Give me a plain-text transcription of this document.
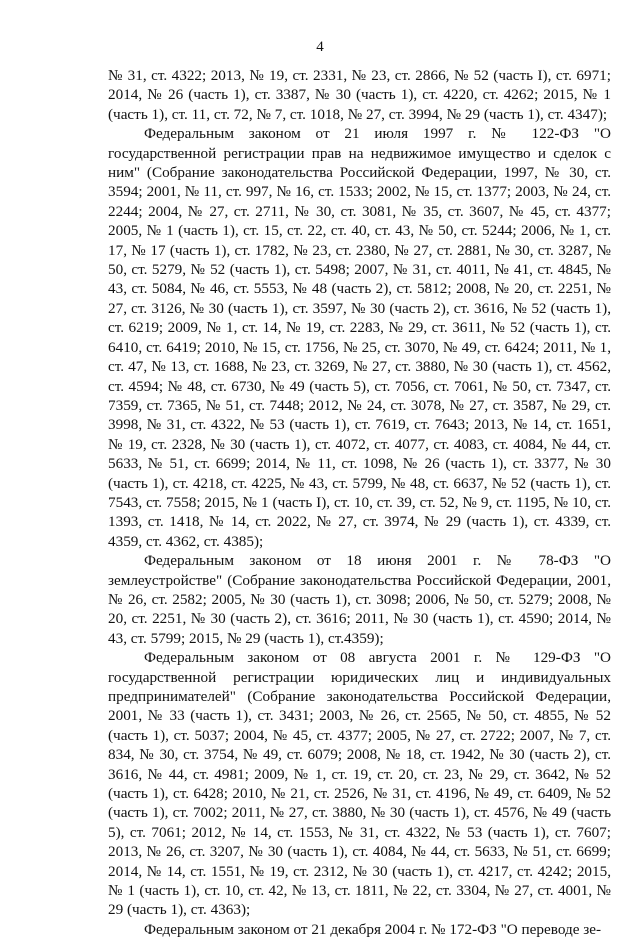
4

№ 31, ст. 4322; 2013, № 19, ст. 2331, № 23, ст. 2866, № 52 (часть I), ст. 6971; 2014, № 26 (часть 1), ст. 3387, № 30 (часть 1), ст. 4220, ст. 4262; 2015, № 1 (часть 1), ст. 11, ст. 72, № 7, ст. 1018, № 27, ст. 3994, № 29 (часть 1), ст. 4347);

Федеральным законом от 21 июля 1997 г. № 122-ФЗ "О государственной регистрации прав на недвижимое имущество и сделок с ним" (Собрание законодательства Российской Федерации, 1997, № 30, ст. 3594; 2001, № 11, ст. 997, № 16, ст. 1533; 2002, № 15, ст. 1377; 2003, № 24, ст. 2244; 2004, № 27, ст. 2711, № 30, ст. 3081, № 35, ст. 3607, № 45, ст. 4377; 2005, № 1 (часть 1), ст. 15, ст. 22, ст. 40, ст. 43, № 50, ст. 5244; 2006, № 1, ст. 17, № 17 (часть 1), ст. 1782, № 23, ст. 2380, № 27, ст. 2881, № 30, ст. 3287, № 50, ст. 5279, № 52 (часть 1), ст. 5498; 2007, № 31, ст. 4011, № 41, ст. 4845, № 43, ст. 5084, № 46, ст. 5553, № 48 (часть 2), ст. 5812; 2008, № 20, ст. 2251, № 27, ст. 3126, № 30 (часть 1), ст. 3597, № 30 (часть 2), ст. 3616, № 52 (часть 1), ст. 6219; 2009, № 1, ст. 14, № 19, ст. 2283, № 29, ст. 3611, № 52 (часть 1), ст. 6410, ст. 6419; 2010, № 15, ст. 1756, № 25, ст. 3070, № 49, ст. 6424; 2011, № 1, ст. 47, № 13, ст. 1688, № 23, ст. 3269, № 27, ст. 3880, № 30 (часть 1), ст. 4562, ст. 4594; № 48, ст. 6730, № 49 (часть 5), ст. 7056, ст. 7061, № 50, ст. 7347, ст. 7359, ст. 7365, № 51, ст. 7448; 2012, № 24, ст. 3078, № 27, ст. 3587, № 29, ст. 3998, № 31, ст. 4322, № 53 (часть 1), ст. 7619, ст. 7643; 2013, № 14, ст. 1651, № 19, ст. 2328, № 30 (часть 1), ст. 4072, ст. 4077, ст. 4083, ст. 4084, № 44, ст. 5633, № 51, ст. 6699; 2014, № 11, ст. 1098, № 26 (часть 1), ст. 3377, № 30 (часть 1), ст. 4218, ст. 4225, № 43, ст. 5799, № 48, ст. 6637, № 52 (часть 1), ст. 7543, ст. 7558; 2015, № 1 (часть I), ст. 10, ст. 39, ст. 52, № 9, ст. 1195, № 10, ст. 1393, ст. 1418, № 14, ст. 2022, № 27, ст. 3974, № 29 (часть 1), ст. 4339, ст. 4359, ст. 4362, ст. 4385);

Федеральным законом от 18 июня 2001 г. № 78-ФЗ "О землеустройстве" (Собрание законодательства Российской Федерации, 2001, № 26, ст. 2582; 2005, № 30 (часть 1), ст. 3098; 2006, № 50, ст. 5279; 2008, № 20, ст. 2251, № 30 (часть 2), ст. 3616; 2011, № 30 (часть 1), ст. 4590; 2014, № 43, ст. 5799; 2015, № 29 (часть 1), ст.4359);

Федеральным законом от 08 августа 2001 г. № 129-ФЗ "О государственной регистрации юридических лиц и индивидуальных предпринимателей" (Собрание законодательства Российской Федерации, 2001, № 33 (часть 1), ст. 3431; 2003, № 26, ст. 2565, № 50, ст. 4855, № 52 (часть 1), ст. 5037; 2004, № 45, ст. 4377; 2005, № 27, ст. 2722; 2007, № 7, ст. 834, № 30, ст. 3754, № 49, ст. 6079; 2008, № 18, ст. 1942, № 30 (часть 2), ст. 3616, № 44, ст. 4981; 2009, № 1, ст. 19, ст. 20, ст. 23, № 29, ст. 3642, № 52 (часть 1), ст. 6428; 2010, № 21, ст. 2526, № 31, ст. 4196, № 49, ст. 6409, № 52 (часть 1), ст. 7002; 2011, № 27, ст. 3880, № 30 (часть 1), ст. 4576, № 49 (часть 5), ст. 7061; 2012, № 14, ст. 1553, № 31, ст. 4322, № 53 (часть 1), ст. 7607; 2013, № 26, ст. 3207, № 30 (часть 1), ст. 4084, № 44, ст. 5633, № 51, ст. 6699; 2014, № 14, ст. 1551, № 19, ст. 2312, № 30 (часть 1), ст. 4217, ст. 4242; 2015, № 1 (часть 1), ст. 10, ст. 42, № 13, ст. 1811, № 22, ст. 3304, № 27, ст. 4001, № 29 (часть 1), ст. 4363);

Федеральным законом от 21 декабря 2004 г. № 172-ФЗ "О переводе зе-
